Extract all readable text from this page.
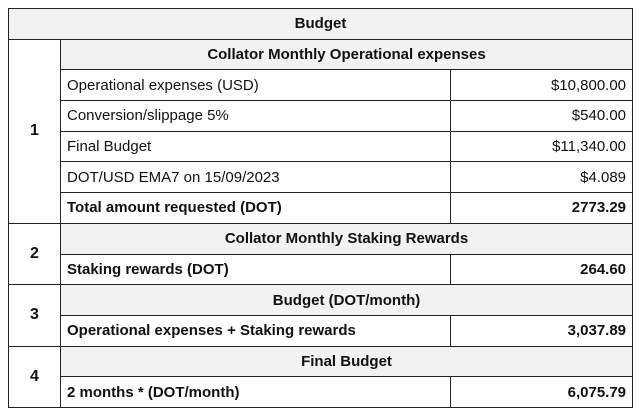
Budget		
1	Collator Monthly Operational expenses	
	Operational expenses (USD)	$10,800.00
	Conversion/slippage 5%	$540.00
	Final Budget	$11,340.00
	DOT/USD EMA7 on 15/09/2023	$4.089
	Total amount requested (DOT)	2773.29
2	Collator Monthly Staking Rewards	
	Staking rewards (DOT)	264.60
3	Budget (DOT/month)	
	Operational expenses + Staking rewards	3,037.89
4	Final Budget	
	2 months * (DOT/month)	6,075.79
